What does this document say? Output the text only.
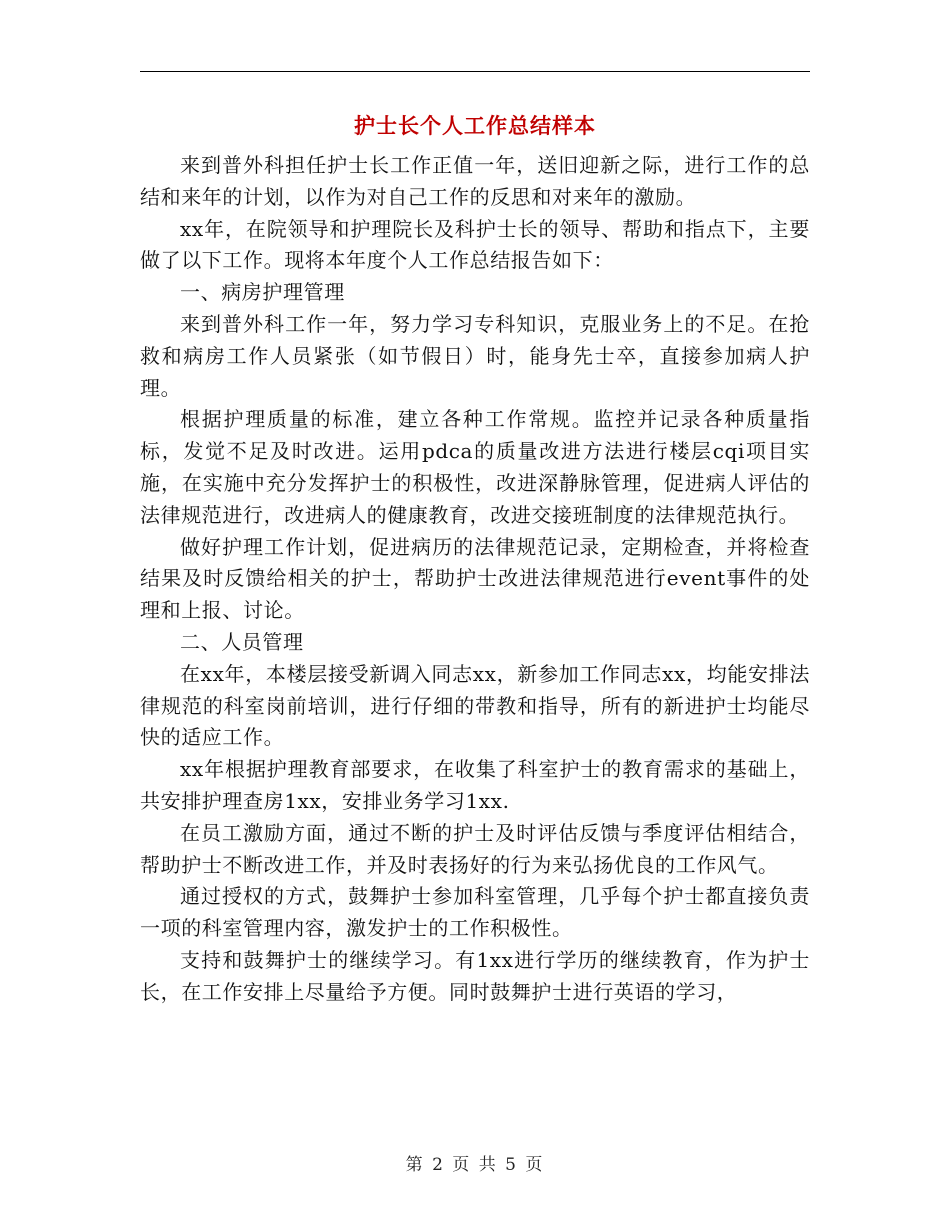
护士长个人工作总结样本

来到普外科担任护士长工作正值一年，送旧迎新之际，进行工作的总结和来年的计划，以作为对自己工作的反思和对来年的激励。

xx年，在院领导和护理院长及科护士长的领导、帮助和指点下，主要做了以下工作。现将本年度个人工作总结报告如下：

一、病房护理管理

来到普外科工作一年，努力学习专科知识，克服业务上的不足。在抢救和病房工作人员紧张（如节假日）时，能身先士卒，直接参加病人护理。

根据护理质量的标准，建立各种工作常规。监控并记录各种质量指标，发觉不足及时改进。运用pdca的质量改进方法进行楼层cqi项目实施，在实施中充分发挥护士的积极性，改进深静脉管理，促进病人评估的法律规范进行，改进病人的健康教育，改进交接班制度的法律规范执行。

做好护理工作计划，促进病历的法律规范记录，定期检查，并将检查结果及时反馈给相关的护士，帮助护士改进法律规范进行event事件的处理和上报、讨论。

二、人员管理

在xx年，本楼层接受新调入同志xx，新参加工作同志xx，均能安排法律规范的科室岗前培训，进行仔细的带教和指导，所有的新进护士均能尽快的适应工作。

xx年根据护理教育部要求，在收集了科室护士的教育需求的基础上，共安排护理查房1xx，安排业务学习1xx.

在员工激励方面，通过不断的护士及时评估反馈与季度评估相结合，帮助护士不断改进工作，并及时表扬好的行为来弘扬优良的工作风气。

通过授权的方式，鼓舞护士参加科室管理，几乎每个护士都直接负责一项的科室管理内容，激发护士的工作积极性。

支持和鼓舞护士的继续学习。有1xx进行学历的继续教育，作为护士长，在工作安排上尽量给予方便。同时鼓舞护士进行英语的学习，

第 2 页 共 5 页
